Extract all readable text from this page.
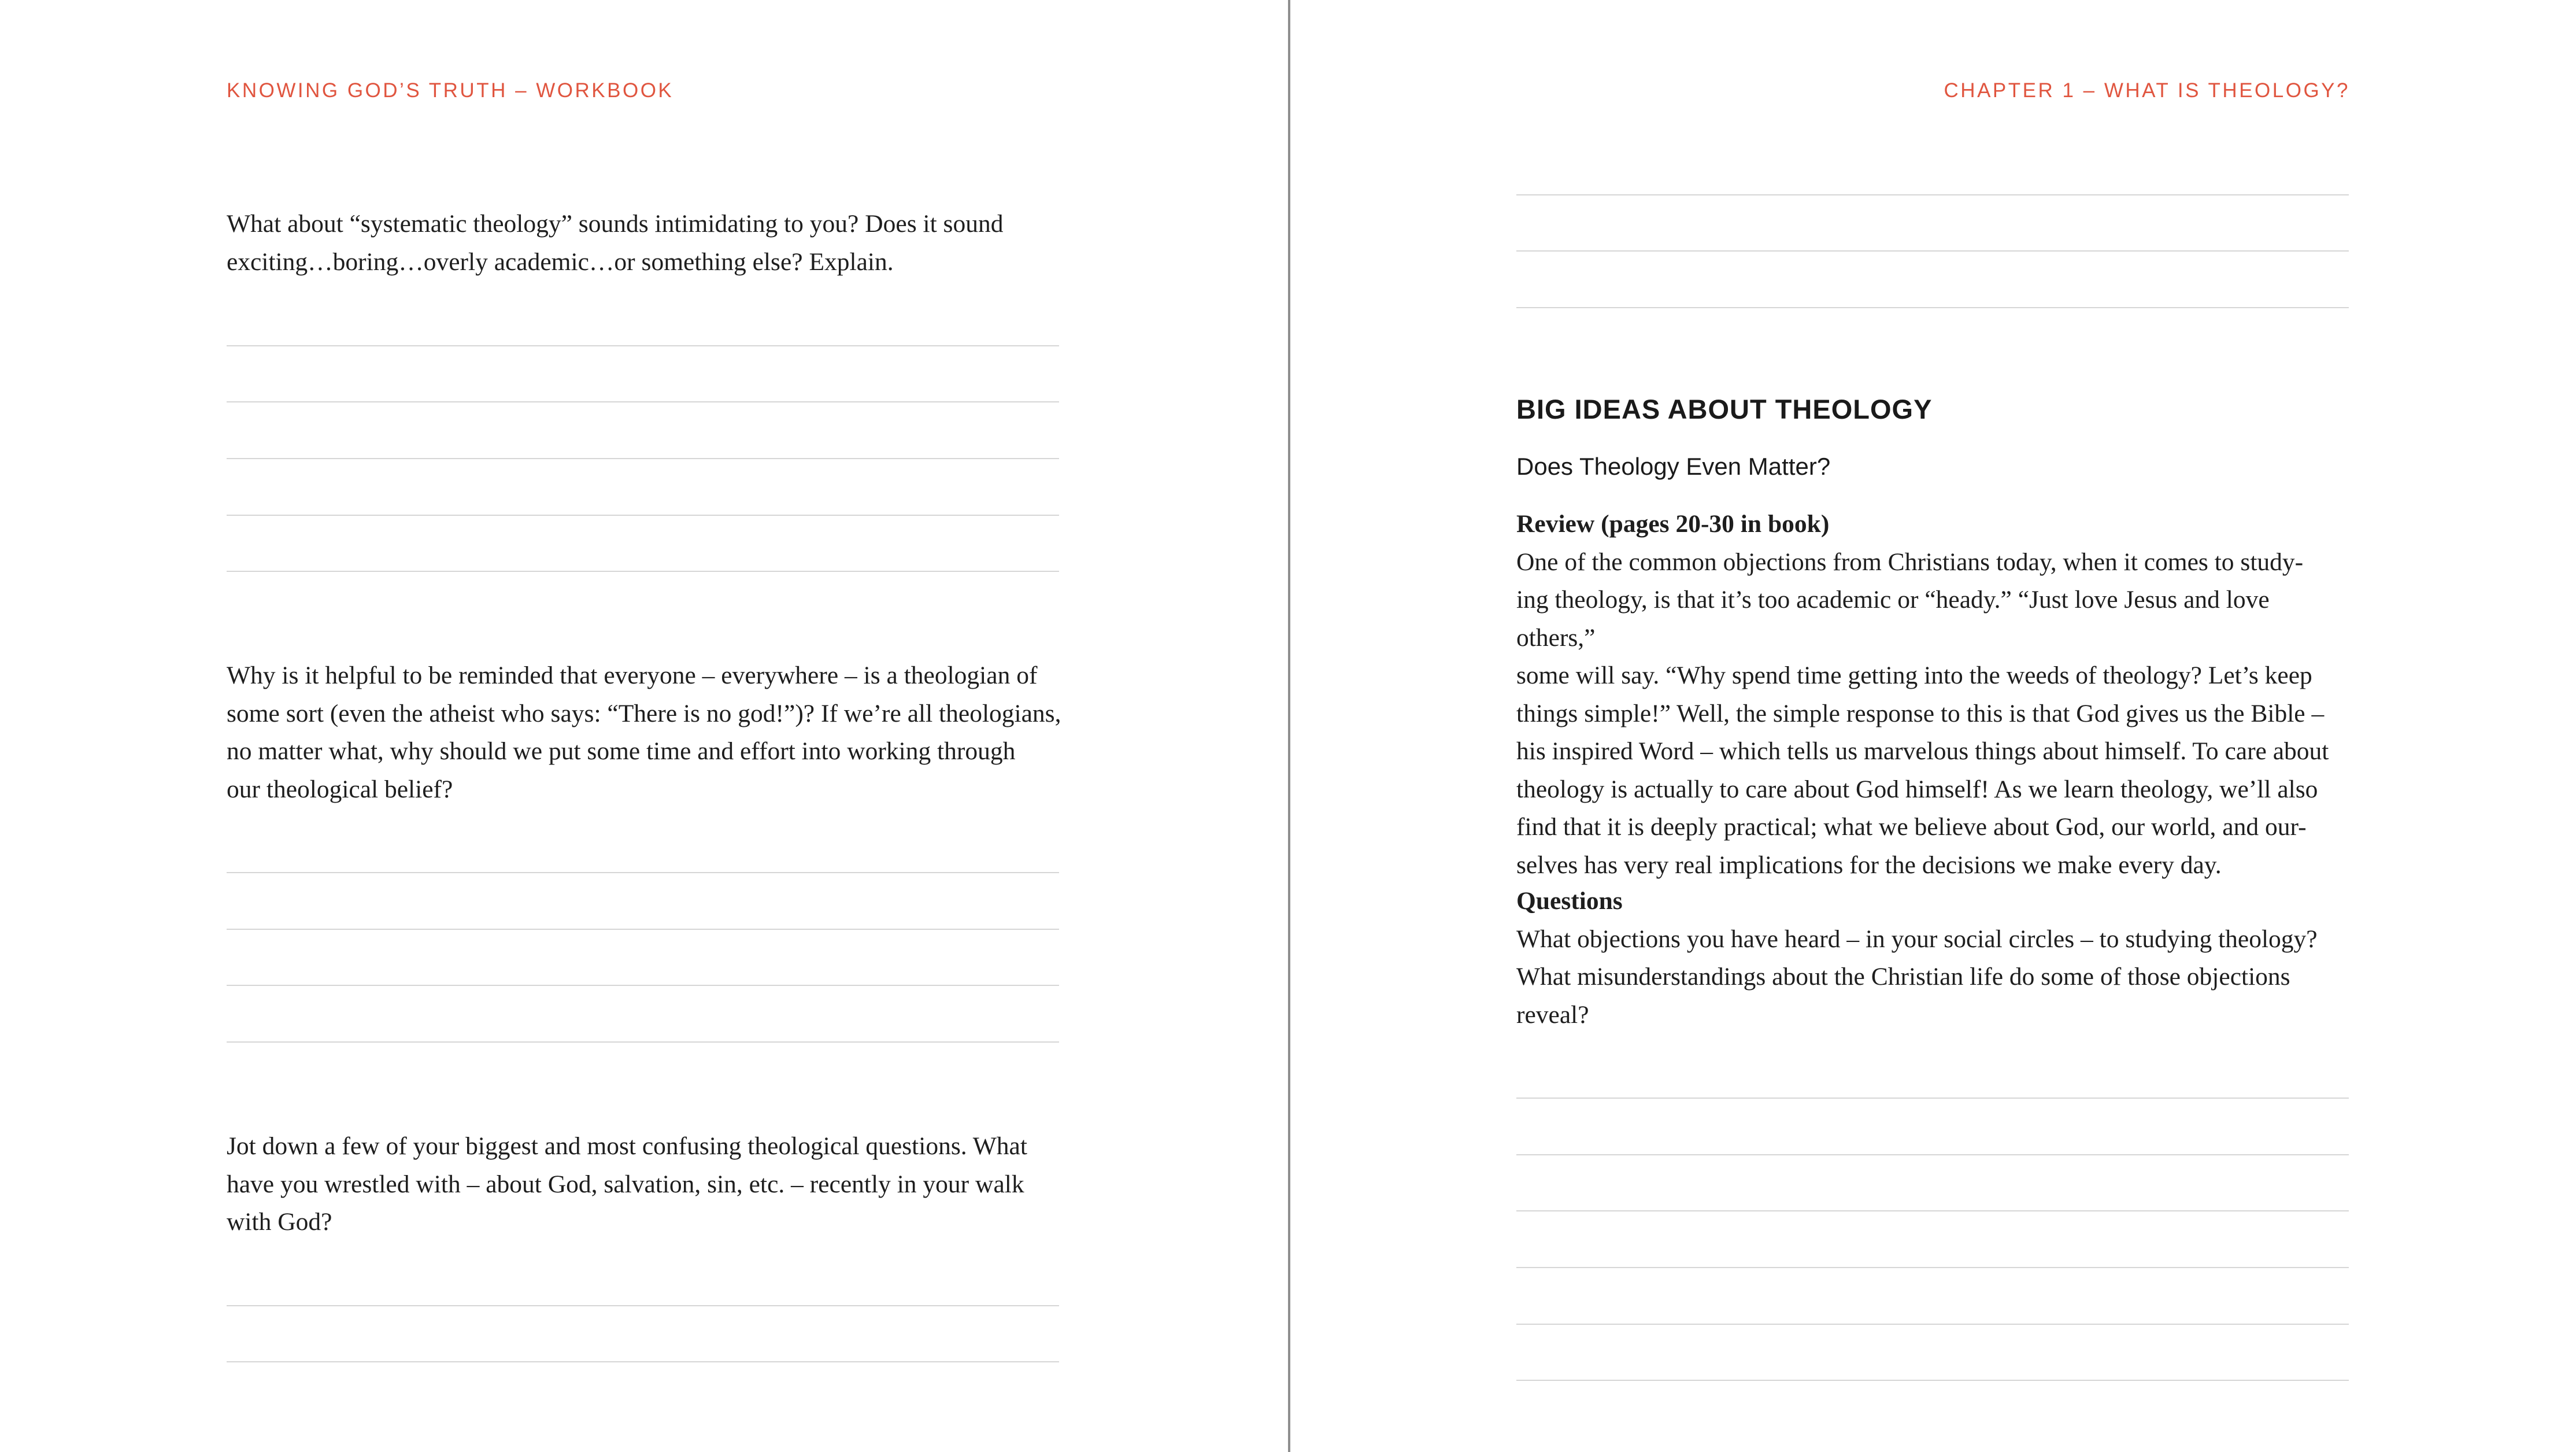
KNOWING GOD’S TRUTH – WORKBOOK
What about “systematic theology” sounds intimidating to you? Does it sound
exciting…boring…overly academic…or something else? Explain.
Why is it helpful to be reminded that everyone – everywhere – is a theologian of
some sort (even the atheist who says: “There is no god!”)? If we’re all theologians,
no matter what, why should we put some time and effort into working through
our theological belief?
Jot down a few of your biggest and most confusing theological questions. What
have you wrestled with – about God, salvation, sin, etc. – recently in your walk
with God?
CHAPTER 1 – WHAT IS THEOLOGY?
BIG IDEAS ABOUT THEOLOGY
Does Theology Even Matter?
Review (pages 20-30 in book)
One of the common objections from Christians today, when it comes to study-
ing theology, is that it’s too academic or “heady.” “Just love Jesus and love others,”
some will say. “Why spend time getting into the weeds of theology? Let’s keep
things simple!” Well, the simple response to this is that God gives us the Bible –
his inspired Word – which tells us marvelous things about himself. To care about
theology is actually to care about God himself! As we learn theology, we’ll also
find that it is deeply practical; what we believe about God, our world, and our-
selves has very real implications for the decisions we make every day.
Questions
What objections you have heard – in your social circles – to studying theology?
What misunderstandings about the Christian life do some of those objections
reveal?
